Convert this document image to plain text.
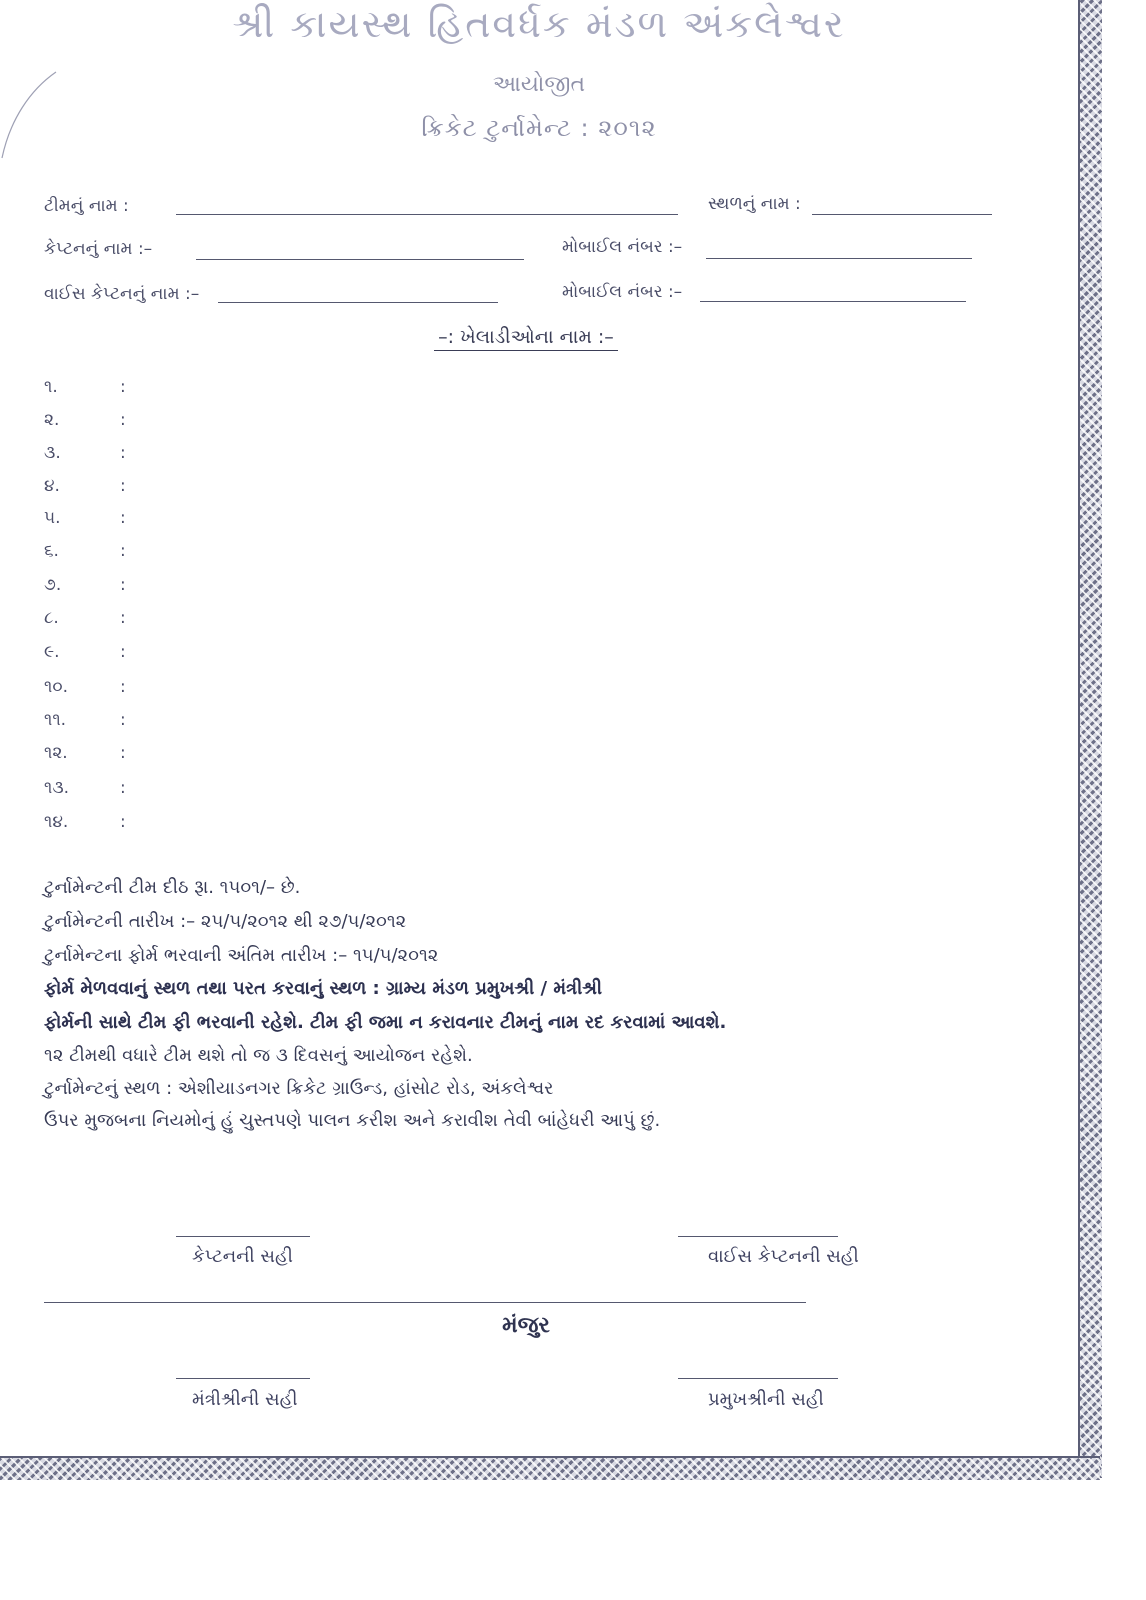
શ્રી કાયસ્થ હિતવર્ધક મંડળ અંકલેશ્વર
આયોજીત
ક્રિકેટ ટુર્નામેન્ટ : ૨૦૧૨
ટીમનું નામ :	સ્થળનું નામ :
કેપ્ટનનું નામ :–	મોબાઈલ નંબર :–
વાઈસ કેપ્ટનનું નામ :–	મોબાઈલ નંબર :–
–: ખેલાડીઓના નામ :–
૧.	:
૨.	:
૩.	:
૪.	:
૫.	:
૬.	:
૭.	:
૮.	:
૯.	:
૧૦.	:
૧૧.	:
૧૨.	:
૧૩.	:
૧૪.	:
ટુર્નામેન્ટની ટીમ દીઠ રૂા. ૧૫૦૧/– છે.
ટુર્નામેન્ટની તારીખ :– ૨૫/૫/૨૦૧૨ થી ૨૭/૫/૨૦૧૨
ટુર્નામેન્ટના ફોર્મ ભરવાની અંતિમ તારીખ :– ૧૫/૫/૨૦૧૨
ફોર્મ મેળવવાનું સ્થળ તથા પરત કરવાનું સ્થળ : ગ્રામ્ય મંડળ પ્રમુખશ્રી / મંત્રીશ્રી
ફોર્મની સાથે ટીમ ફી ભરવાની રહેશે. ટીમ ફી જમા ન કરાવનાર ટીમનું નામ રદ કરવામાં આવશે.
૧૨ ટીમથી વધારે ટીમ થશે તો જ ૩ દિવસનું આયોજન રહેશે.
ટુર્નામેન્ટનું સ્થળ : એશીયાડનગર ક્રિકેટ ગ્રાઉન્ડ, હાંસોટ રોડ, અંકલેશ્વર
ઉપર મુજબના નિયમોનું હું ચુસ્તપણે પાલન કરીશ અને કરાવીશ તેવી બાંહેધરી આપું છું.
કેપ્ટનની સહી	વાઈસ કેપ્ટનની સહી
મંજુર
મંત્રીશ્રીની સહી	પ્રમુખશ્રીની સહી
